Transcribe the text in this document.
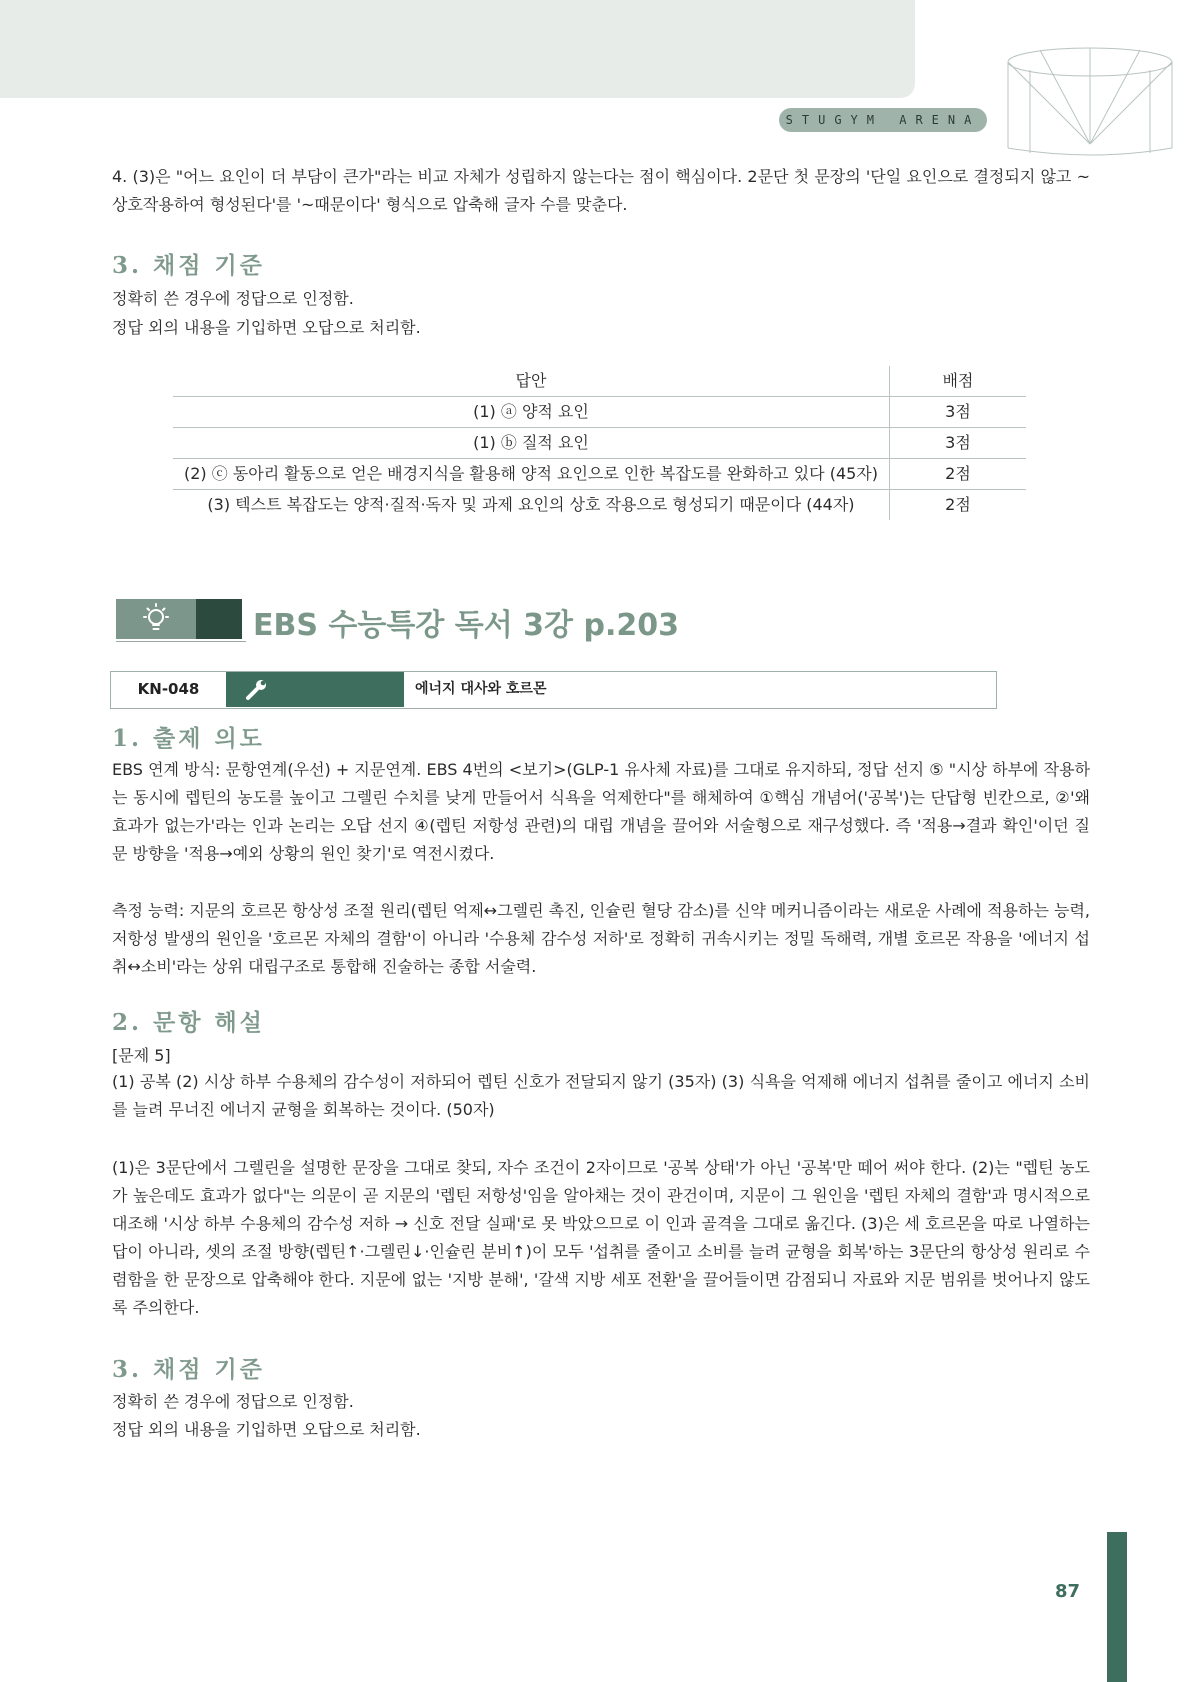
STUGYM ARENA

4. (3)은 "어느 요인이 더 부담이 큰가"라는 비교 자체가 성립하지 않는다는 점이 핵심이다. 2문단 첫 문장의 '단일 요인으로 결정되지 않고 ~ 상호작용하여 형성된다'를 '~때문이다' 형식으로 압축해 글자 수를 맞춘다.

3. 채점 기준

정확히 쓴 경우에 정답으로 인정함.

정답 외의 내용을 기입하면 오답으로 처리함.

답안	배점
(1) ⓐ 양적 요인	3점
(1) ⓑ 질적 요인	3점
(2) ⓒ 동아리 활동으로 얻은 배경지식을 활용해 양적 요인으로 인한 복잡도를 완화하고 있다 (45자)	2점
(3) 텍스트 복잡도는 양적·질적·독자 및 과제 요인의 상호 작용으로 형성되기 때문이다 (44자)	2점
EBS 수능특강 독서 3강 p.203
KN-048	에너지 대사와 호르몬
1. 출제 의도

EBS 연계 방식: 문항연계(우선) + 지문연계. EBS 4번의 <보기>(GLP-1 유사체 자료)를 그대로 유지하되, 정답 선지 ⑤ "시상 하부에 작용하는 동시에 렙틴의 농도를 높이고 그렐린 수치를 낮게 만들어서 식욕을 억제한다"를 해체하여 ①핵심 개념어('공복')는 단답형 빈칸으로, ②'왜 효과가 없는가'라는 인과 논리는 오답 선지 ④(렙틴 저항성 관련)의 대립 개념을 끌어와 서술형으로 재구성했다. 즉 '적용→결과 확인'이던 질문 방향을 '적용→예외 상황의 원인 찾기'로 역전시켰다.

측정 능력: 지문의 호르몬 항상성 조절 원리(렙틴 억제↔그렐린 촉진, 인슐린 혈당 감소)를 신약 메커니즘이라는 새로운 사례에 적용하는 능력, 저항성 발생의 원인을 '호르몬 자체의 결함'이 아니라 '수용체 감수성 저하'로 정확히 귀속시키는 정밀 독해력, 개별 호르몬 작용을 '에너지 섭취↔소비'라는 상위 대립구조로 통합해 진술하는 종합 서술력.

2. 문항 해설

[문제 5]

(1) 공복 (2) 시상 하부 수용체의 감수성이 저하되어 렙틴 신호가 전달되지 않기 (35자) (3) 식욕을 억제해 에너지 섭취를 줄이고 에너지 소비를 늘려 무너진 에너지 균형을 회복하는 것이다. (50자)

(1)은 3문단에서 그렐린을 설명한 문장을 그대로 찾되, 자수 조건이 2자이므로 '공복 상태'가 아닌 '공복'만 떼어 써야 한다. (2)는 "렙틴 농도가 높은데도 효과가 없다"는 의문이 곧 지문의 '렙틴 저항성'임을 알아채는 것이 관건이며, 지문이 그 원인을 '렙틴 자체의 결함'과 명시적으로 대조해 '시상 하부 수용체의 감수성 저하 → 신호 전달 실패'로 못 박았으므로 이 인과 골격을 그대로 옮긴다. (3)은 세 호르몬을 따로 나열하는 답이 아니라, 셋의 조절 방향(렙틴↑·그렐린↓·인슐린 분비↑)이 모두 '섭취를 줄이고 소비를 늘려 균형을 회복'하는 3문단의 항상성 원리로 수렴함을 한 문장으로 압축해야 한다. 지문에 없는 '지방 분해', '갈색 지방 세포 전환'을 끌어들이면 감점되니 자료와 지문 범위를 벗어나지 않도록 주의한다.

3. 채점 기준

정확히 쓴 경우에 정답으로 인정함.

정답 외의 내용을 기입하면 오답으로 처리함.

87
